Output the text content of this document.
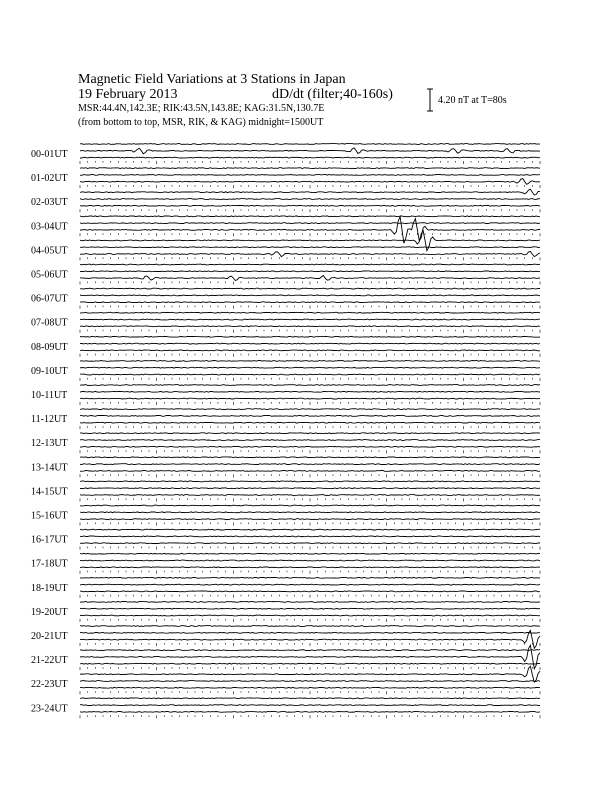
Magnetic Field Variations at 3 Stations in Japan
19 February 2013	dD/dt (filter;40-160s)
MSR:44.4N,142.3E; RIK:43.5N,143.8E; KAG:31.5N,130.7E
(from bottom to top, MSR, RIK, & KAG) midnight=1500UT
4.20 nT at T=80s
00-01UT
01-02UT
02-03UT
03-04UT
04-05UT
05-06UT
06-07UT
07-08UT
08-09UT
09-10UT
10-11UT
11-12UT
12-13UT
13-14UT
14-15UT
15-16UT
16-17UT
17-18UT
18-19UT
19-20UT
20-21UT
21-22UT
22-23UT
23-24UT
